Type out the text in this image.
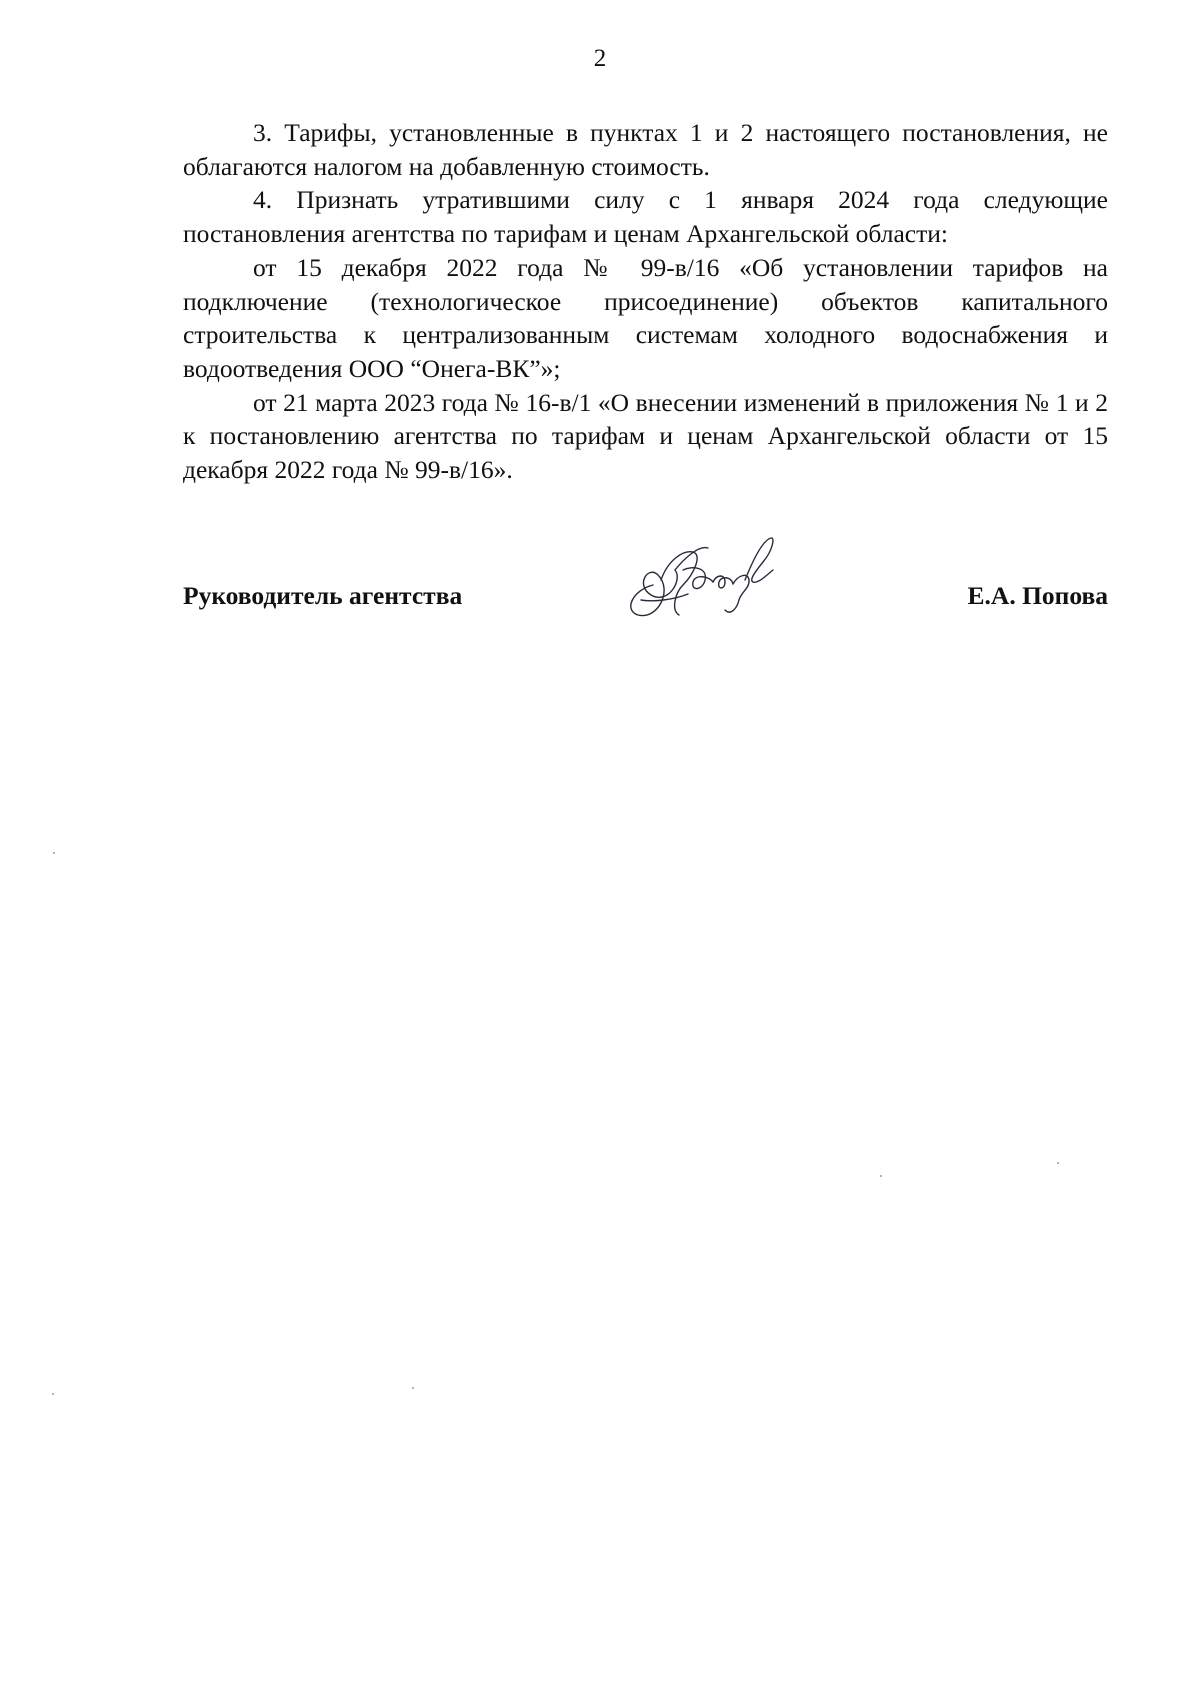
2

3. Тарифы, установленные в пунктах 1 и 2 настоящего постановления, не облагаются налогом на добавленную стоимость.

4. Признать утратившими силу с 1 января 2024 года следующие постановления агентства по тарифам и ценам Архангельской области:

от 15 декабря 2022 года № 99-в/16 «Об установлении тарифов на подключение (технологическое присоединение) объектов капитального строительства к централизованным системам холодного водоснабжения и водоотведения ООО “Онега-ВК”»;

от 21 марта 2023 года № 16-в/1 «О внесении изменений в приложения № 1 и 2 к постановлению агентства по тарифам и ценам Архангельской области от 15 декабря 2022 года № 99-в/16».

Руководитель агентства	Е.А. Попова
